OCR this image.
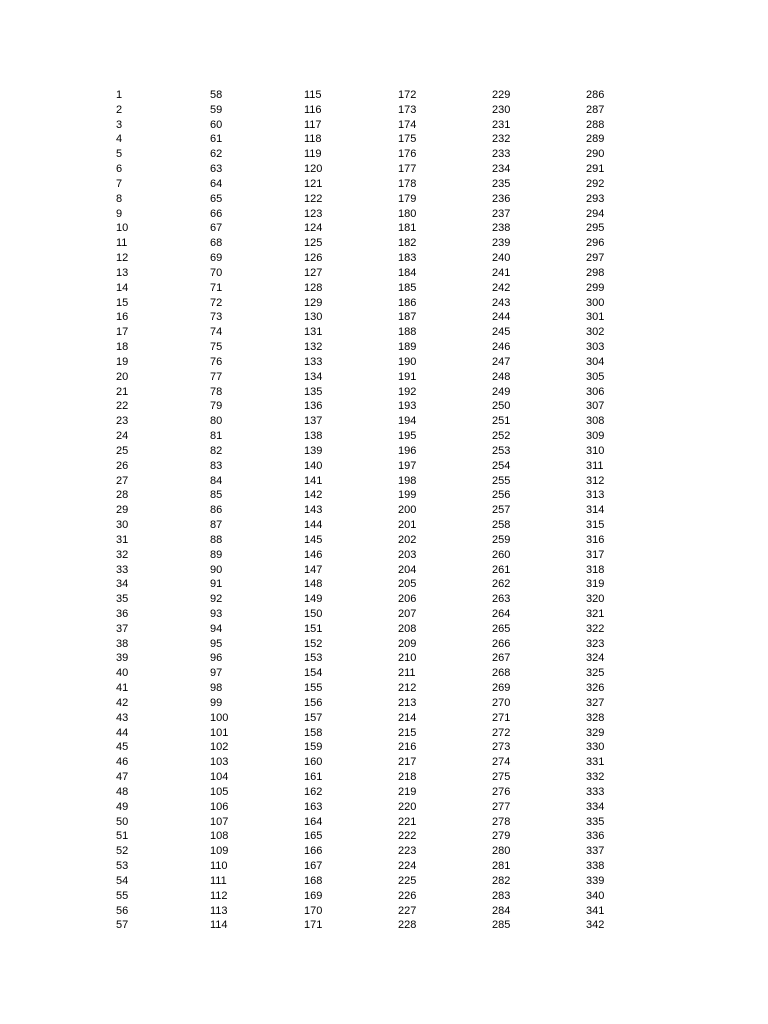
1
2
3
4
5
6
7
8
9
10
11
12
13
14
15
16
17
18
19
20
21
22
23
24
25
26
27
28
29
30
31
32
33
34
35
36
37
38
39
40
41
42
43
44
45
46
47
48
49
50
51
52
53
54
55
56
57
58
59
60
61
62
63
64
65
66
67
68
69
70
71
72
73
74
75
76
77
78
79
80
81
82
83
84
85
86
87
88
89
90
91
92
93
94
95
96
97
98
99
100
101
102
103
104
105
106
107
108
109
110
111
112
113
114
115
116
117
118
119
120
121
122
123
124
125
126
127
128
129
130
131
132
133
134
135
136
137
138
139
140
141
142
143
144
145
146
147
148
149
150
151
152
153
154
155
156
157
158
159
160
161
162
163
164
165
166
167
168
169
170
171
172
173
174
175
176
177
178
179
180
181
182
183
184
185
186
187
188
189
190
191
192
193
194
195
196
197
198
199
200
201
202
203
204
205
206
207
208
209
210
211
212
213
214
215
216
217
218
219
220
221
222
223
224
225
226
227
228
229
230
231
232
233
234
235
236
237
238
239
240
241
242
243
244
245
246
247
248
249
250
251
252
253
254
255
256
257
258
259
260
261
262
263
264
265
266
267
268
269
270
271
272
273
274
275
276
277
278
279
280
281
282
283
284
285
286
287
288
289
290
291
292
293
294
295
296
297
298
299
300
301
302
303
304
305
306
307
308
309
310
311
312
313
314
315
316
317
318
319
320
321
322
323
324
325
326
327
328
329
330
331
332
333
334
335
336
337
338
339
340
341
342
